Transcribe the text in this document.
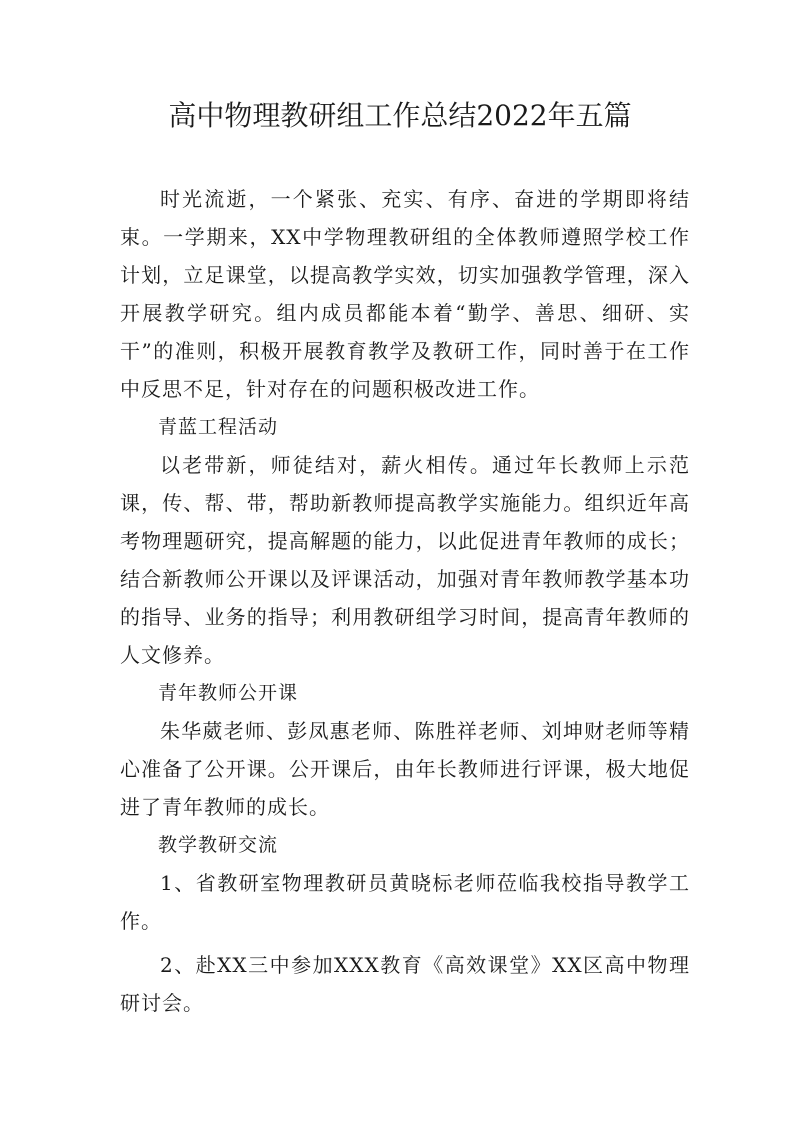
高中物理教研组工作总结2022年五篇

时光流逝，一个紧张、充实、有序、奋进的学期即将结束。一学期来，XX中学物理教研组的全体教师遵照学校工作计划，立足课堂，以提高教学实效，切实加强教学管理，深入开展教学研究。组内成员都能本着“勤学、善思、细研、实干”的准则，积极开展教育教学及教研工作，同时善于在工作中反思不足，针对存在的问题积极改进工作。

青蓝工程活动

以老带新，师徒结对，薪火相传。通过年长教师上示范课，传、帮、带，帮助新教师提高教学实施能力。组织近年高考物理题研究，提高解题的能力，以此促进青年教师的成长；结合新教师公开课以及评课活动，加强对青年教师教学基本功的指导、业务的指导；利用教研组学习时间，提高青年教师的人文修养。

青年教师公开课

朱华葳老师、彭凤惠老师、陈胜祥老师、刘坤财老师等精心准备了公开课。公开课后，由年长教师进行评课，极大地促进了青年教师的成长。

教学教研交流

1、省教研室物理教研员黄晓标老师莅临我校指导教学工作。

2、赴XX三中参加XXX教育《高效课堂》XX区高中物理研讨会。
